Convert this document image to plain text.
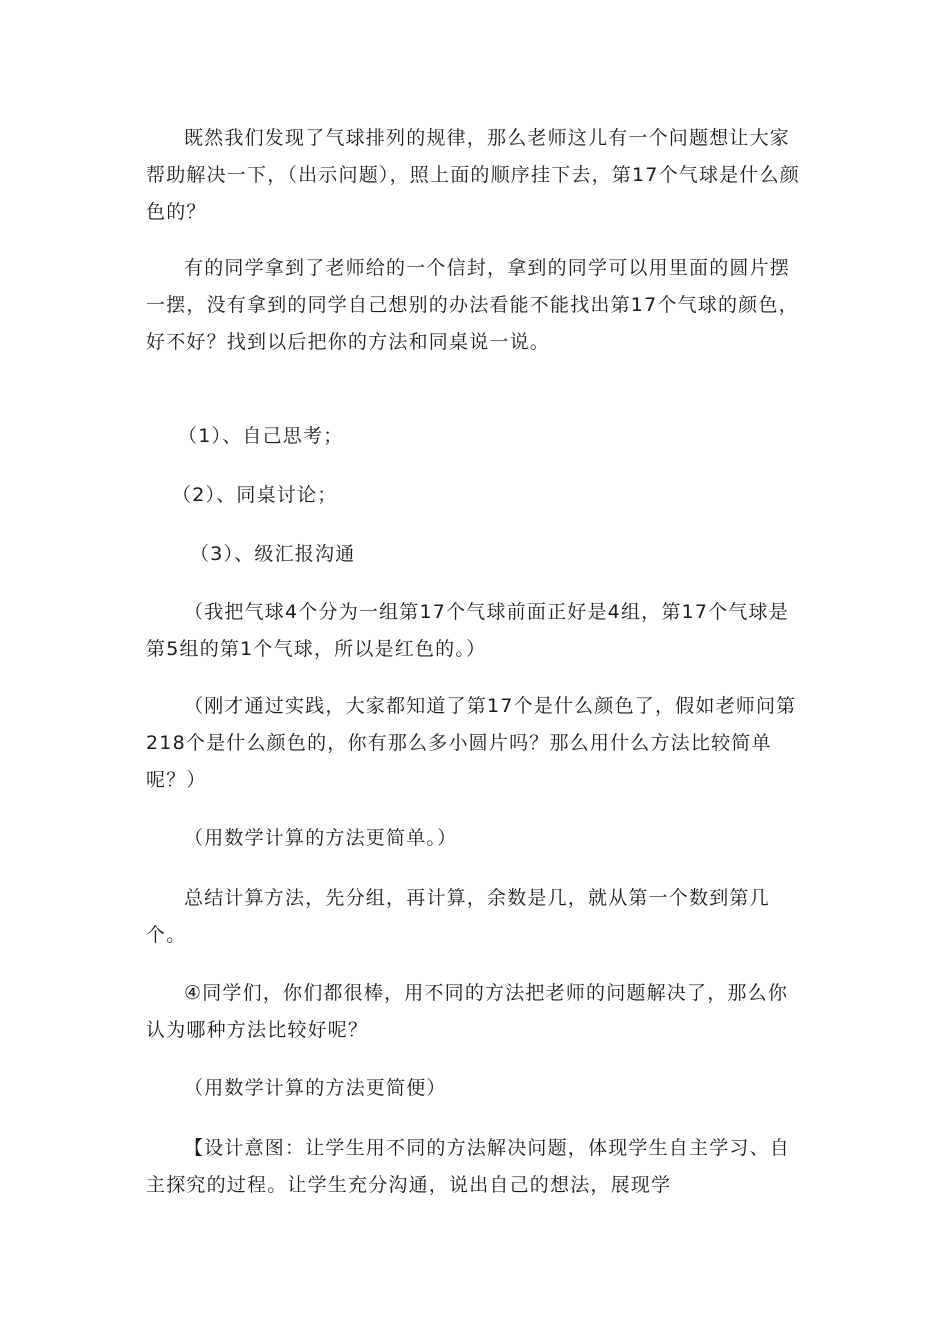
既然我们发现了气球排列的规律，那么老师这儿有一个问题想让大家帮助解决一下，（出示问题），照上面的顺序挂下去，第17个气球是什么颜色的？

有的同学拿到了老师给的一个信封，拿到的同学可以用里面的圆片摆一摆，没有拿到的同学自己想别的办法看能不能找出第17个气球的颜色，好不好？找到以后把你的方法和同桌说一说。

（1）、自己思考；

（2）、同桌讨论；

（3）、级汇报沟通

（我把气球4个分为一组第17个气球前面正好是4组，第17个气球是第5组的第1个气球，所以是红色的。）

（刚才通过实践，大家都知道了第17个是什么颜色了，假如老师问第218个是什么颜色的，你有那么多小圆片吗？那么用什么方法比较简单呢？）

（用数学计算的方法更简单。）

总结计算方法，先分组，再计算，余数是几，就从第一个数到第几个。

④同学们，你们都很棒，用不同的方法把老师的问题解决了，那么你认为哪种方法比较好呢？

（用数学计算的方法更简便）

【设计意图：让学生用不同的方法解决问题，体现学生自主学习、自主探究的过程。让学生充分沟通，说出自己的想法，展现学
